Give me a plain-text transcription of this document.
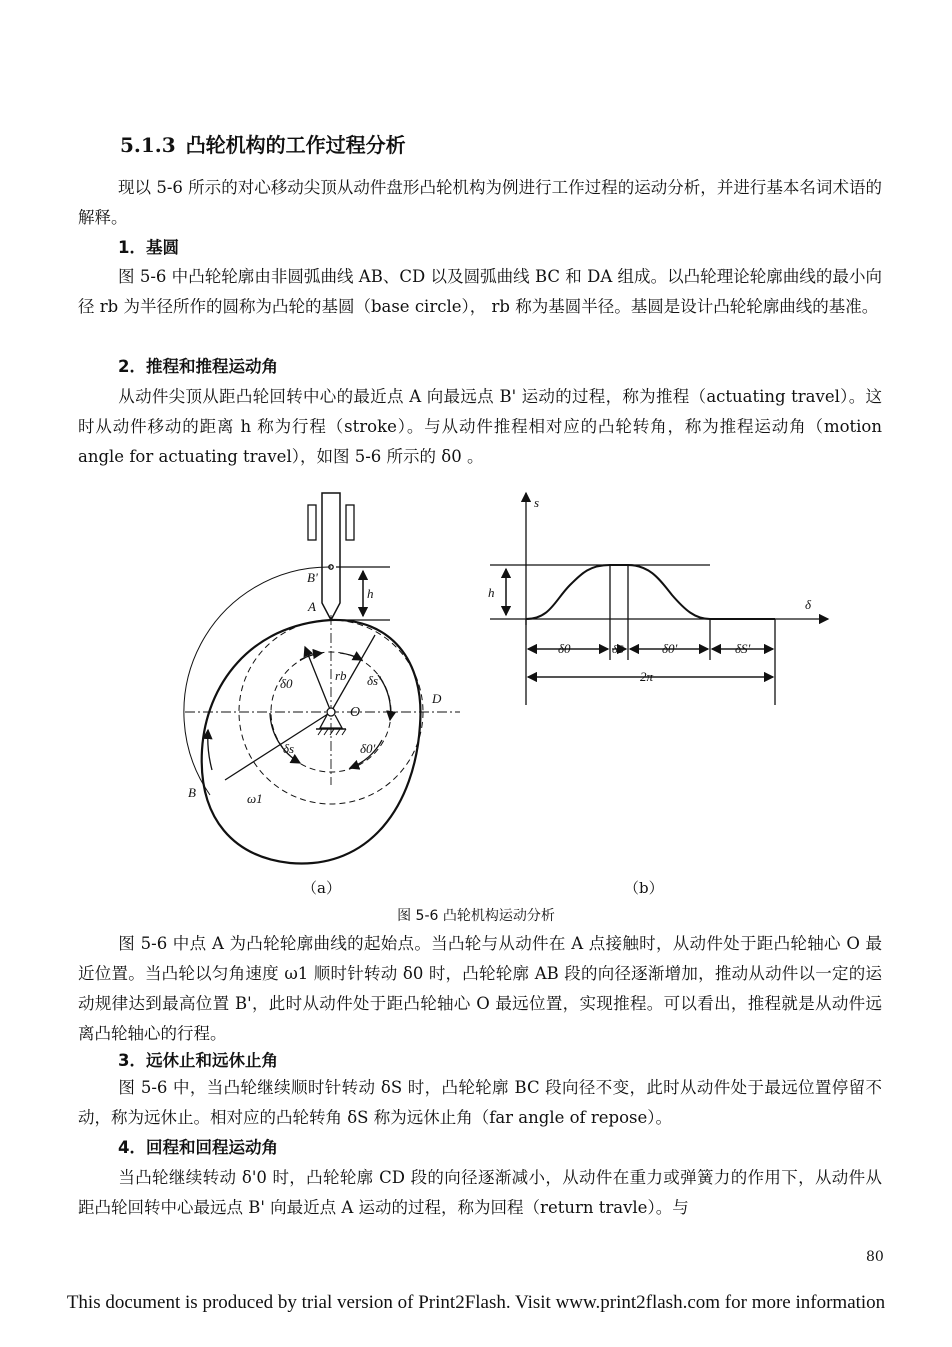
5.1.3 凸轮机构的工作过程分析
现以 5-6 所示的对心移动尖顶从动件盘形凸轮机构为例进行工作过程的运动分析，并进行基本名词术语的解释。
1．基圆
图 5-6 中凸轮轮廓由非圆弧曲线 AB、CD 以及圆弧曲线 BC 和 DA 组成。以凸轮理论轮廓曲线的最小向径 rb 为半径所作的圆称为凸轮的基圆（base circle）， rb 称为基圆半径。基圆是设计凸轮轮廓曲线的基准。
2．推程和推程运动角
从动件尖顶从距凸轮回转中心的最近点 A 向最远点 B' 运动的过程，称为推程（actuating travel）。这时从动件移动的距离 h 称为行程（stroke）。与从动件推程相对应的凸轮转角，称为推程运动角（motion angle for actuating travel），如图 5-6 所示的 δ0 。
B'
A
h
O
D
B
rb
δ0	δs'
δs	δ0'
ω1
s
h
δ
δ0	δS	δ0'	δS'
2π
（a）	（b）
图 5-6 凸轮机构运动分析
图 5-6 中点 A 为凸轮轮廓曲线的起始点。当凸轮与从动件在 A 点接触时，从动件处于距凸轮轴心 O 最近位置。当凸轮以匀角速度 ω1 顺时针转动 δ0 时，凸轮轮廓 AB 段的向径逐渐增加，推动从动件以一定的运动规律达到最高位置 B'，此时从动件处于距凸轮轴心 O 最远位置，实现推程。可以看出，推程就是从动件远离凸轮轴心的行程。
3．远休止和远休止角
图 5-6 中，当凸轮继续顺时针转动 δS 时，凸轮轮廓 BC 段向径不变，此时从动件处于最远位置停留不动，称为远休止。相对应的凸轮转角 δS 称为远休止角（far angle of repose）。
4．回程和回程运动角
当凸轮继续转动 δ'0 时，凸轮轮廓 CD 段的向径逐渐减小，从动件在重力或弹簧力的作用下，从动件从距凸轮回转中心最远点 B' 向最近点 A 运动的过程，称为回程（return travle）。与
80
This document is produced by trial version of Print2Flash. Visit www.print2flash.com for more information
